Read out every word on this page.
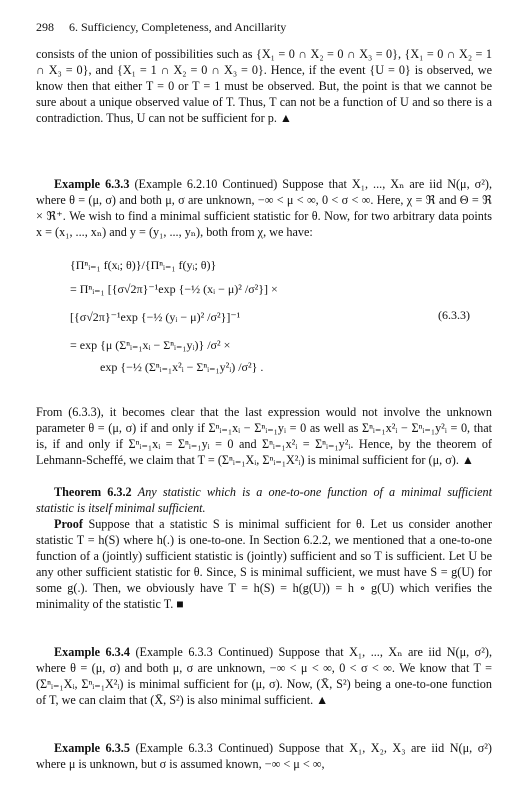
298 6. Sufficiency, Completeness, and Ancillarity
consists of the union of possibilities such as {X₁ = 0 ∩ X₂ = 0 ∩ X₃ = 0}, {X₁ = 0 ∩ X₂ = 1 ∩ X₃ = 0}, and {X₁ = 1 ∩ X₂ = 0 ∩ X₃ = 0}. Hence, if the event {U = 0} is observed, we know then that either T = 0 or T = 1 must be observed. But, the point is that we cannot be sure about a unique observed value of T. Thus, T can not be a function of U and so there is a contradiction. Thus, U can not be sufficient for p. ▲
Example 6.3.3 (Example 6.2.10 Continued) Suppose that X₁, ..., Xₙ are iid N(μ, σ²), where θ = (μ, σ) and both μ, σ are unknown, −∞ < μ < ∞, 0 < σ < ∞. Here, χ = ℜ and Θ = ℜ × ℜ⁺. We wish to find a minimal sufficient statistic for θ. Now, for two arbitrary data points x = (x₁, ..., xₙ) and y = (y₁, ..., yₙ), both from χ, we have:
{Πⁿᵢ₌₁ f(xᵢ; θ)}/{Πⁿᵢ₌₁ f(yᵢ; θ)}
= Πⁿᵢ₌₁ [{σ√2π}⁻¹exp {−½ (xᵢ − μ)² /σ²}] ×
[{σ√2π}⁻¹exp {−½ (yᵢ − μ)² /σ²}]⁻¹
= exp {μ (Σⁿᵢ₌₁xᵢ − Σⁿᵢ₌₁yᵢ)} /σ² ×
exp {−½ (Σⁿᵢ₌₁x²ᵢ − Σⁿᵢ₌₁y²ᵢ) /σ²} .
(6.3.3)
From (6.3.3), it becomes clear that the last expression would not involve the unknown parameter θ = (μ, σ) if and only if Σⁿᵢ₌₁xᵢ − Σⁿᵢ₌₁yᵢ = 0 as well as Σⁿᵢ₌₁x²ᵢ − Σⁿᵢ₌₁y²ᵢ = 0, that is, if and only if Σⁿᵢ₌₁xᵢ = Σⁿᵢ₌₁yᵢ = 0 and Σⁿᵢ₌₁x²ᵢ = Σⁿᵢ₌₁y²ᵢ. Hence, by the theorem of Lehmann-Scheffé, we claim that T = (Σⁿᵢ₌₁Xᵢ, Σⁿᵢ₌₁X²ᵢ) is minimal sufficient for (μ, σ). ▲
Theorem 6.3.2 Any statistic which is a one-to-one function of a minimal sufficient statistic is itself minimal sufficient.
Proof Suppose that a statistic S is minimal sufficient for θ. Let us consider another statistic T = h(S) where h(.) is one-to-one. In Section 6.2.2, we mentioned that a one-to-one function of a (jointly) sufficient statistic is (jointly) sufficient and so T is sufficient. Let U be any other sufficient statistic for θ. Since, S is minimal sufficient, we must have S = g(U) for some g(.). Then, we obviously have T = h(S) = h(g(U)) = h ∘ g(U) which verifies the minimality of the statistic T. ■
Example 6.3.4 (Example 6.3.3 Continued) Suppose that X₁, ..., Xₙ are iid N(μ, σ²), where θ = (μ, σ) and both μ, σ are unknown, −∞ < μ < ∞, 0 < σ < ∞. We know that T = (Σⁿᵢ₌₁Xᵢ, Σⁿᵢ₌₁X²ᵢ) is minimal sufficient for (μ, σ). Now, (X̄, S²) being a one-to-one function of T, we can claim that (X̄, S²) is also minimal sufficient. ▲
Example 6.3.5 (Example 6.3.3 Continued) Suppose that X₁, X₂, X₃ are iid N(μ, σ²) where μ is unknown, but σ is assumed known, −∞ < μ < ∞,
